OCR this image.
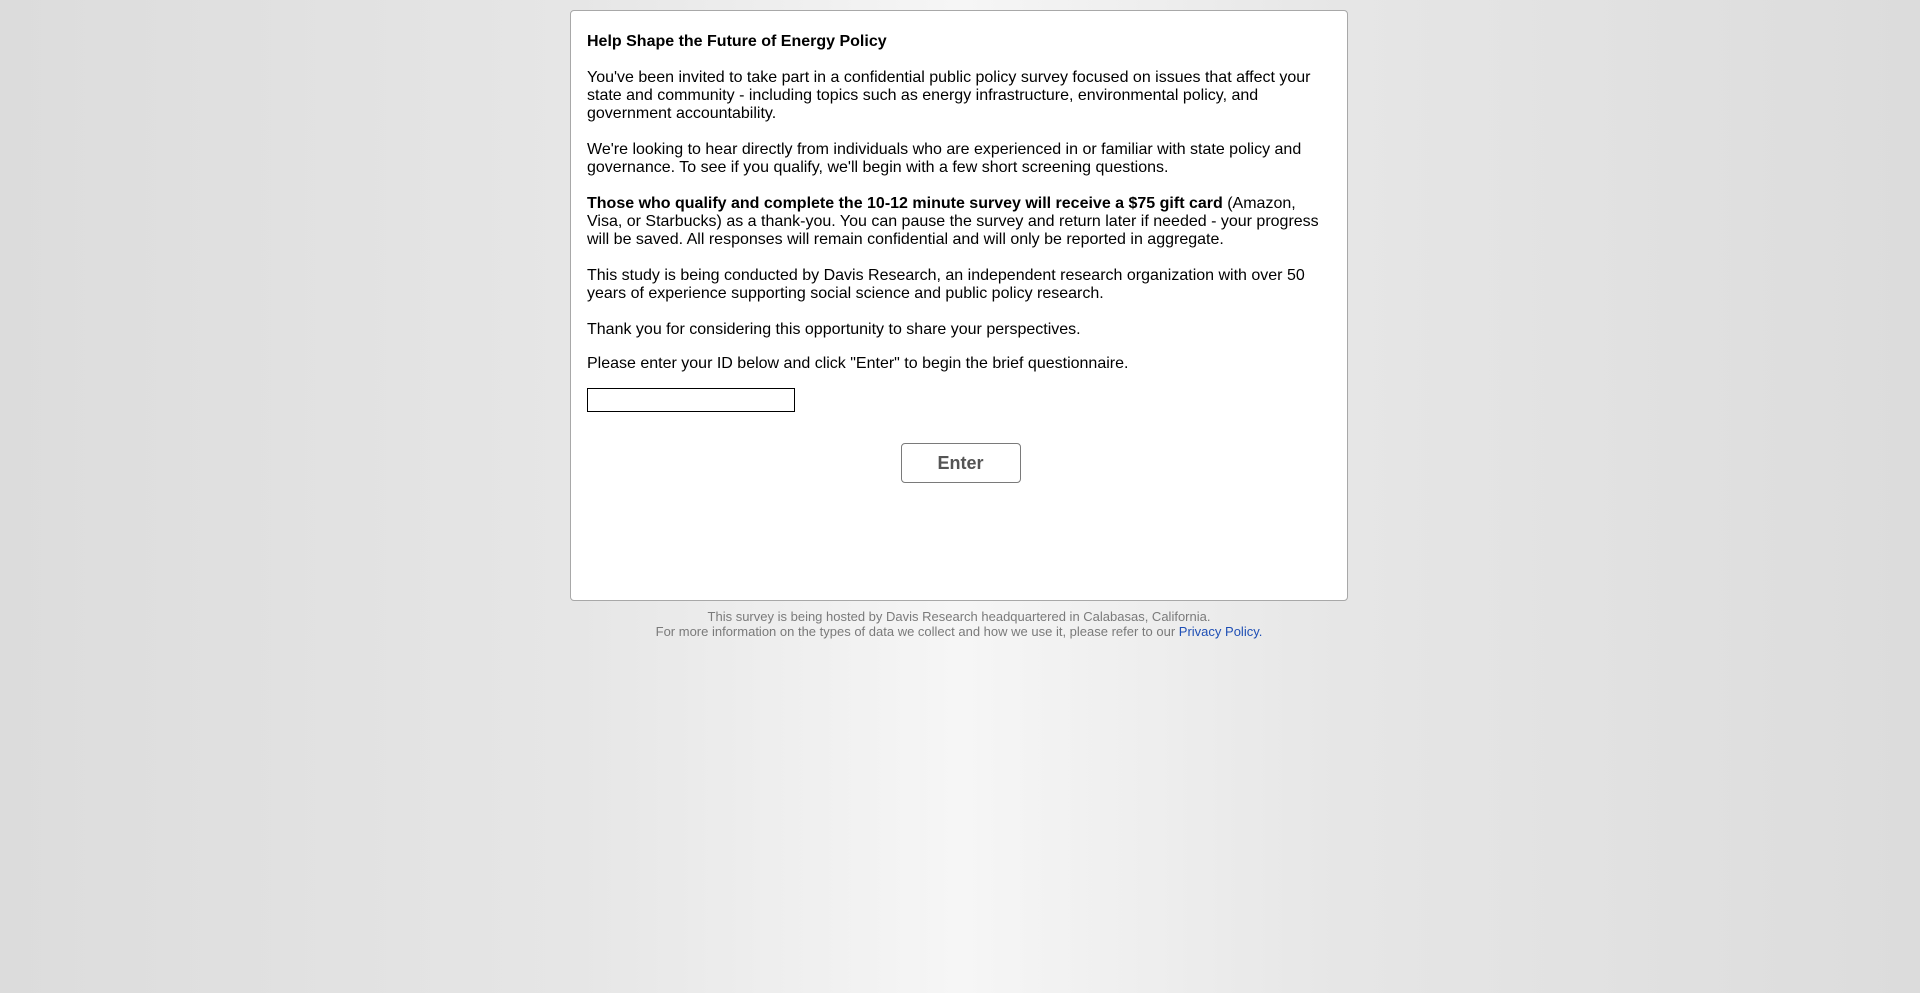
Help Shape the Future of Energy Policy
You've been invited to take part in a confidential public policy survey focused on issues that affect your state and community - including topics such as energy infrastructure, environmental policy, and government accountability.
We're looking to hear directly from individuals who are experienced in or familiar with state policy and governance. To see if you qualify, we'll begin with a few short screening questions.
Those who qualify and complete the 10-12 minute survey will receive a $75 gift card (Amazon, Visa, or Starbucks) as a thank-you. You can pause the survey and return later if needed - your progress will be saved. All responses will remain confidential and will only be reported in aggregate.
This study is being conducted by Davis Research, an independent research organization with over 50 years of experience supporting social science and public policy research.
Thank you for considering this opportunity to share your perspectives.
Please enter your ID below and click "Enter" to begin the brief questionnaire.
Enter
This survey is being hosted by Davis Research headquartered in Calabasas, California.
For more information on the types of data we collect and how we use it, please refer to our Privacy Policy.
